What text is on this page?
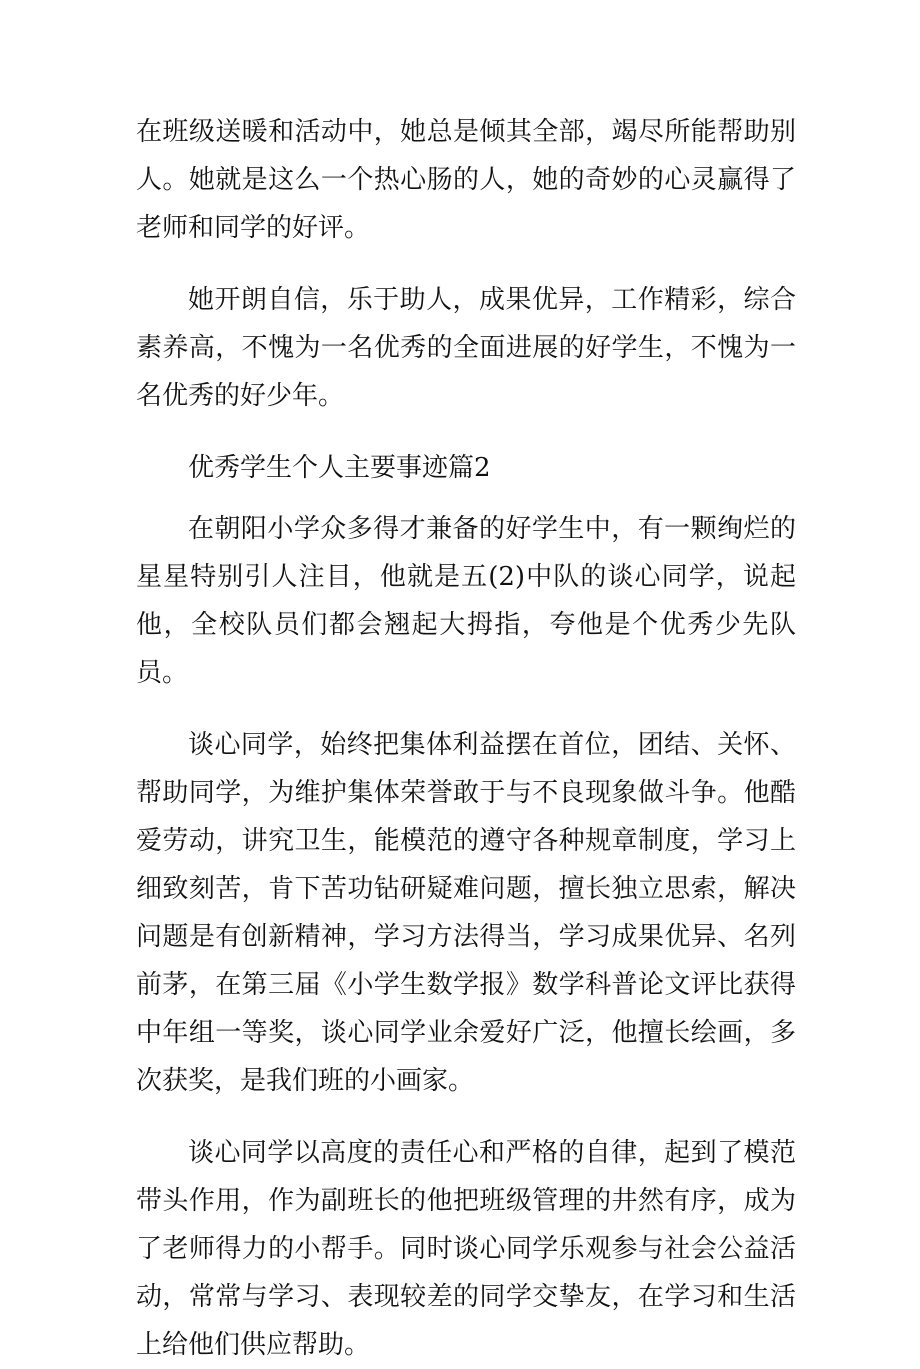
在班级送暖和活动中，她总是倾其全部，竭尽所能帮助别人。她就是这么一个热心肠的人，她的奇妙的心灵赢得了老师和同学的好评。

她开朗自信，乐于助人，成果优异，工作精彩，综合素养高，不愧为一名优秀的全面进展的好学生，不愧为一名优秀的好少年。

优秀学生个人主要事迹篇2

在朝阳小学众多得才兼备的好学生中，有一颗绚烂的星星特别引人注目，他就是五(2)中队的谈心同学，说起他，全校队员们都会翘起大拇指，夸他是个优秀少先队员。

谈心同学，始终把集体利益摆在首位，团结、关怀、帮助同学，为维护集体荣誉敢于与不良现象做斗争。他酷爱劳动，讲究卫生，能模范的遵守各种规章制度，学习上细致刻苦，肯下苦功钻研疑难问题，擅长独立思索，解决问题是有创新精神，学习方法得当，学习成果优异、名列前茅，在第三届《小学生数学报》数学科普论文评比获得中年组一等奖，谈心同学业余爱好广泛，他擅长绘画，多次获奖，是我们班的小画家。

谈心同学以高度的责任心和严格的自律，起到了模范带头作用，作为副班长的他把班级管理的井然有序，成为了老师得力的小帮手。同时谈心同学乐观参与社会公益活动，常常与学习、表现较差的同学交挚友，在学习和生活上给他们供应帮助。
